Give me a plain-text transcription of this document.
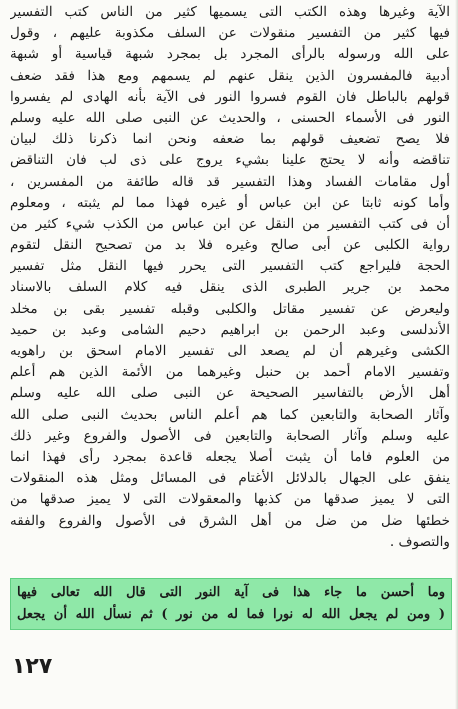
الآية وغيرها وهذه الكتب التى يسميها كثير من الناس كتب التفسير
فيها كثير من التفسير منقولات عن السلف مكذوبة عليهم ، وقول
على الله ورسوله بالرأى المجرد بل بمجرد شبهة قياسية أو شبهة
أدبية فالمفسرون الذين ينقل عنهم لم يسمهم ومع هذا فقد ضعف
قولهم بالباطل فان القوم فسروا النور فى الآية بأنه الهادى لم يفسروا
النور فى الأسماء الحسنى ، والحديث عن النبى صلى الله عليه وسلم
فلا يصح تضعيف قولهم بما ضعفه ونحن انما ذكرنا ذلك لبيان
تناقضه وأنه لا يحتج علينا بشيء يروج على ذى لب فان التناقض
أول مقامات الفساد وهذا التفسير قد قاله طائفة من المفسرين ،
وأما كونه ثابتا عن ابن عباس أو غيره فهذا مما لم يثبته ، ومعلوم
أن فى كتب التفسير من النقل عن ابن عباس من الكذب شيء كثير من
رواية الكلبى عن أبى صالح وغيره فلا بد من تصحيح النقل لتقوم
الحجة فليراجع كتب التفسير التى يحرر فيها النقل مثل تفسير
محمد بن جرير الطبرى الذى ينقل فيه كلام السلف بالاسناد
وليعرض عن تفسير مقاتل والكلبى وقبله تفسير بقى بن مخلد
الأندلسى وعبد الرحمن بن ابراهيم دحيم الشامى وعبد بن حميد
الكشى وغيرهم أن لم يصعد الى تفسير الامام اسحق بن راهويه
وتفسير الامام أحمد بن حنبل وغيرهما من الأئمة الذين هم أعلم
أهل الأرض بالتفاسير الصحيحة عن النبى صلى الله عليه وسلم
وآثار الصحابة والتابعين كما هم أعلم الناس بحديث النبى صلى الله
عليه وسلم وآثار الصحابة والتابعين فى الأصول والفروع وغير ذلك
من العلوم فاما أن يثبت أصلا يجعله قاعدة بمجرد رأى فهذا انما
ينفق على الجهال بالدلائل الأغتام فى المسائل ومثل هذه المنقولات
التى لا يميز صدقها من كذبها والمعقولات التى لا يميز صدقها من
خطئها ضل من ضل من أهل الشرق فى الأصول والفروع والفقه
والتصوف .
وما أحسن ما جاء هذا فى آية النور التى قال الله تعالى فيها
( ومن لم يجعل الله له نورا فما له من نور ) ثم نسأل الله أن يجعل
١٢٧
